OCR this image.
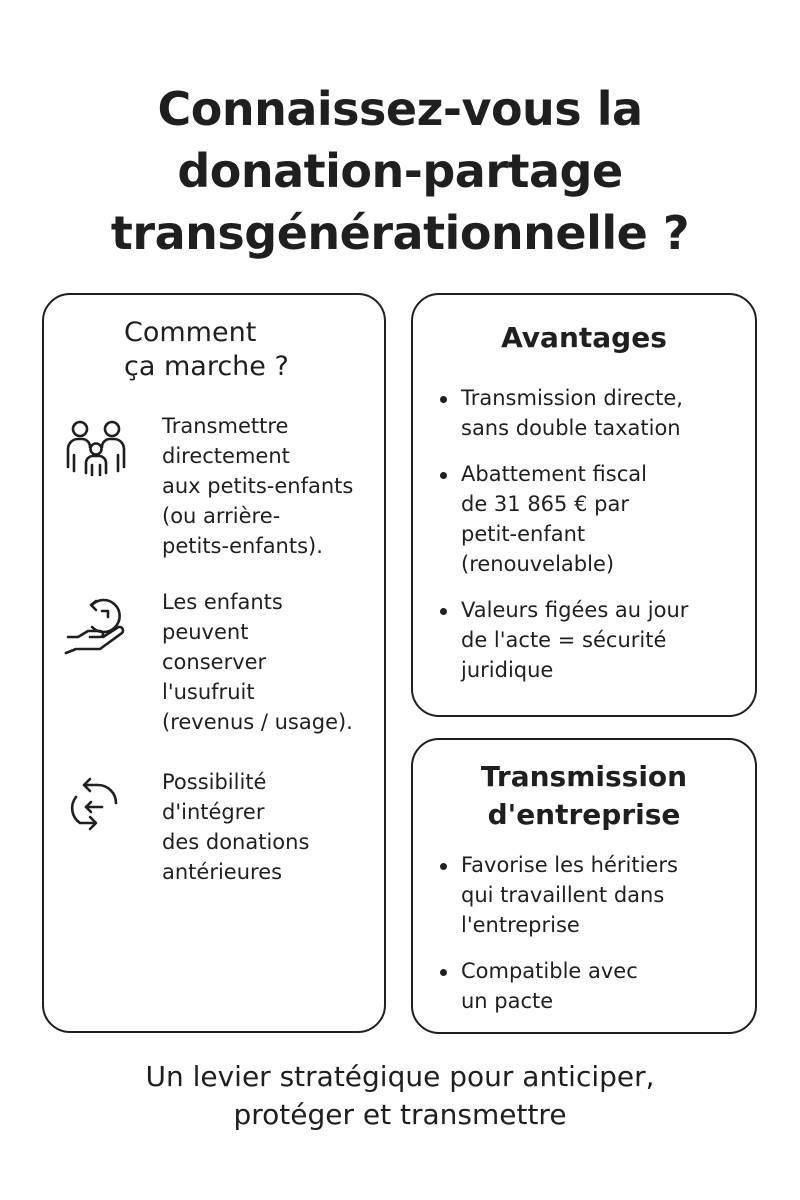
Connaissez-vous la
donation-partage
transgénérationnelle ?
Comment
ça marche ?
Transmettre
directement
aux petits-enfants
(ou arrière-
petits-enfants).
Les enfants
peuvent
conserver
l'usufruit
(revenus / usage).
Possibilité
d'intégrer
des donations
antérieures
Avantages
Transmission directe,
sans double taxation
Abattement fiscal
de 31 865 € par
petit-enfant
(renouvelable)
Valeurs figées au jour
de l'acte = sécurité
juridique
Transmission
d'entreprise
Favorise les héritiers
qui travaillent dans
l'entreprise
Compatible avec
un pacte

Un levier stratégique pour anticiper,
protéger et transmettre
